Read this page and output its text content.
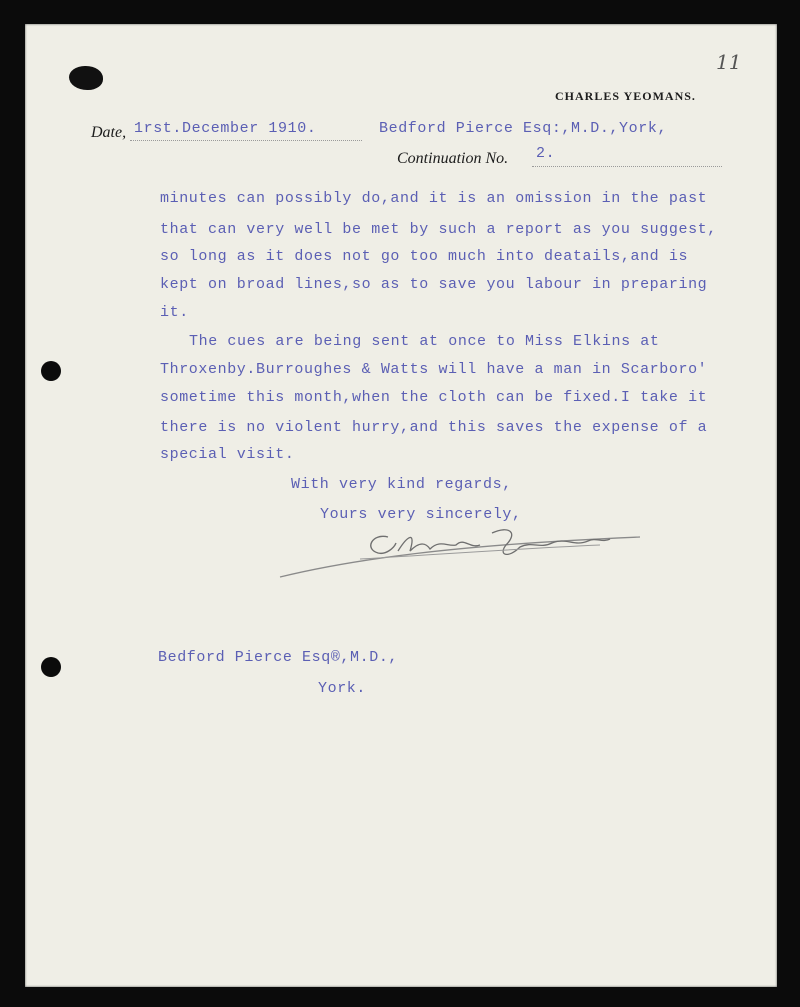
11
CHARLES YEOMANS.
Date, 1rst.December 1910.	Bedford Pierce Esq:,M.D.,York,
Continuation No. 2.
minutes can possibly do,and it is an omission in the past
that can very well be met by such a report as you suggest,
so long as it does not go too much into deatails,and is
kept on broad lines,so as to save you labour in preparing
it.
The cues are being sent at once to Miss Elkins at
Throxenby.Burroughes & Watts will have a man in Scarboro'
sometime this month,when the cloth can be fixed.I take it
there is no violent hurry,and this saves the expense of a
special visit.
With very kind regards,
Yours very sincerely,
Bedford Pierce Esq®,M.D.,
York.
